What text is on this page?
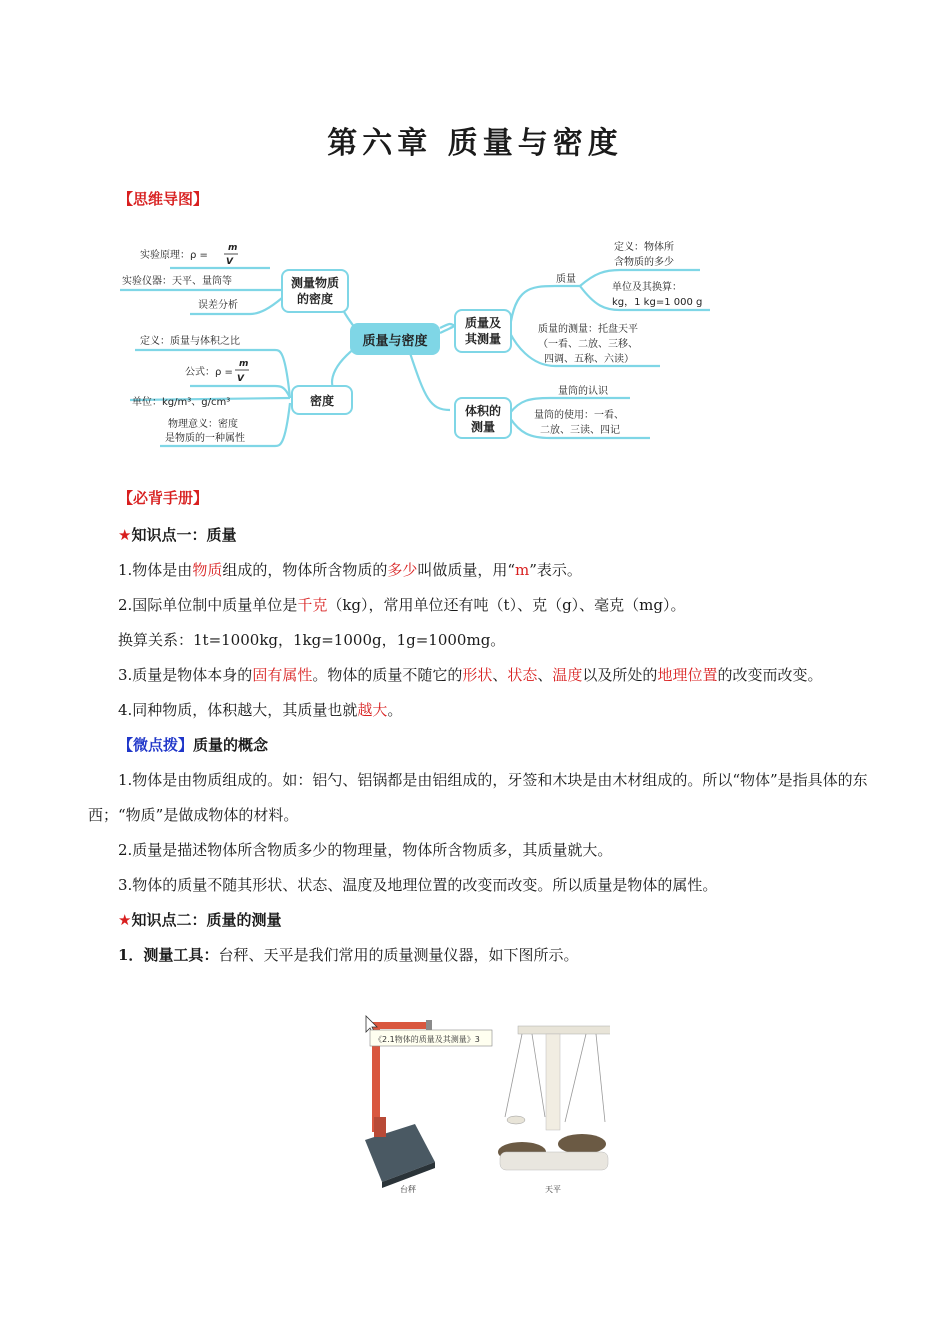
第六章 质量与密度
【思维导图】
质量与密度
测量物质
的密度
密度
质量及
其测量
体积的
测量
实验原理：ρ =
m
V
实验仪器：天平、量筒等
误差分析
定义：质量与体积之比
公式：ρ =
m
V
单位：kg/m³、g/cm³
物理意义：密度
是物质的一种属性
质量
定义：物体所
含物质的多少
单位及其换算：
kg，1 kg=1 000 g
质量的测量：托盘天平
（一看、二放、三移、
四调、五称、六读）
量筒的认识
量筒的使用：一看、
二放、三读、四记
【必背手册】

★知识点一：质量

1.物体是由物质组成的，物体所含物质的多少叫做质量，用“m”表示。

2.国际单位制中质量单位是千克（kg），常用单位还有吨（t）、克（g）、毫克（mg）。

换算关系：1t=1000kg，1kg=1000g，1g=1000mg。

3.质量是物体本身的固有属性。物体的质量不随它的形状、状态、温度以及所处的地理位置的改变而改变。

4.同种物质，体积越大，其质量也就越大。

【微点拨】质量的概念

1.物体是由物质组成的。如：铝勺、铝锅都是由铝组成的，牙签和木块是由木材组成的。所以“物体”是指具体的东西；“物质”是做成物体的材料。

2.质量是描述物体所含物质多少的物理量，物体所含物质多，其质量就大。

3.物体的质量不随其形状、状态、温度及地理位置的改变而改变。所以质量是物体的属性。

★知识点二：质量的测量

1．测量工具：台秤、天平是我们常用的质量测量仪器，如下图所示。

《2.1物体的质量及其测量》3
台秤	天平
